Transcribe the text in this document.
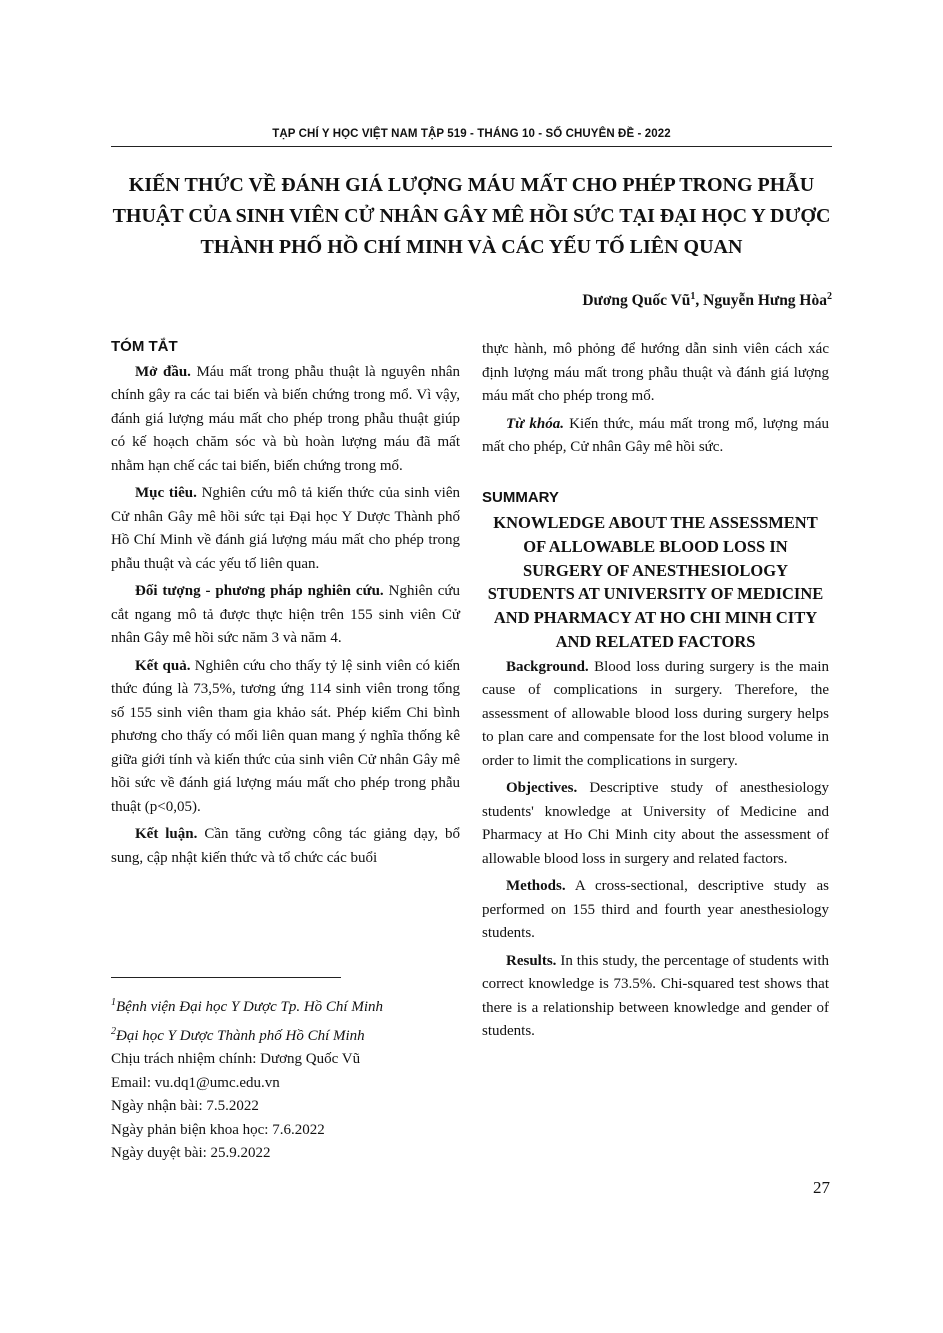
TẠP CHÍ Y HỌC VIỆT NAM TẬP 519 - THÁNG 10 - SỐ CHUYÊN ĐỀ - 2022
KIẾN THỨC VỀ ĐÁNH GIÁ LƯỢNG MÁU MẤT CHO PHÉP TRONG PHẪU THUẬT CỦA SINH VIÊN CỬ NHÂN GÂY MÊ HỒI SỨC TẠI ĐẠI HỌC Y DƯỢC THÀNH PHỐ HỒ CHÍ MINH VÀ CÁC YẾU TỐ LIÊN QUAN
Dương Quốc $Vũ^1$, Nguyễn Hưng Hòa$^2$

TÓM TẮT

Mở đầu. Máu mất trong phẫu thuật là nguyên nhân chính gây ra các tai biến và biến chứng trong mổ. Vì vậy, đánh giá lượng máu mất cho phép trong phẫu thuật giúp có kế hoạch chăm sóc và bù hoàn lượng máu đã mất nhằm hạn chế các tai biến, biến chứng trong mổ.

Mục tiêu. Nghiên cứu mô tả kiến thức của sinh viên Cử nhân Gây mê hồi sức tại Đại học Y Dược Thành phố Hồ Chí Minh về đánh giá lượng máu mất cho phép trong phẫu thuật và các yếu tố liên quan.

Đối tượng - phương pháp nghiên cứu. Nghiên cứu cắt ngang mô tả được thực hiện trên 155 sinh viên Cử nhân Gây mê hồi sức năm 3 và năm 4.

Kết quả. Nghiên cứu cho thấy tỷ lệ sinh viên có kiến thức đúng là 73,5%, tương ứng 114 sinh viên trong tổng số 155 sinh viên tham gia khảo sát. Phép kiểm Chi bình phương cho thấy có mối liên quan mang ý nghĩa thống kê giữa giới tính và kiến thức của sinh viên Cử nhân Gây mê hồi sức về đánh giá lượng máu mất cho phép trong phẫu thuật (p<0,05).

Kết luận. Cần tăng cường công tác giảng dạy, bổ sung, cập nhật kiến thức và tổ chức các buổi

$^1$Bệnh viện Đại học Y Dược Tp. Hồ Chí Minh
$^2$Đại học Y Dược Thành phố Hồ Chí Minh
Chịu trách nhiệm chính: Dương Quốc Vũ
Email: vu.dq1@umc.edu.vn
Ngày nhận bài: 7.5.2022
Ngày phản biện khoa học: 7.6.2022
Ngày duyệt bài: 25.9.2022

thực hành, mô phỏng để hướng dẫn sinh viên cách xác định lượng máu mất trong phẫu thuật và đánh giá lượng máu mất cho phép trong mổ.

Từ khóa. Kiến thức, máu mất trong mổ, lượng máu mất cho phép, Cử nhân Gây mê hồi sức.

SUMMARY

KNOWLEDGE ABOUT THE ASSESSMENT OF ALLOWABLE BLOOD LOSS IN SURGERY OF ANESTHESIOLOGY STUDENTS AT UNIVERSITY OF MEDICINE AND PHARMACY AT HO CHI MINH CITY AND RELATED FACTORS

Background. Blood loss during surgery is the main cause of complications in surgery. Therefore, the assessment of allowable blood loss during surgery helps to plan care and compensate for the lost blood volume in order to limit the complications in surgery.

Objectives. Descriptive study of anesthesiology students' knowledge at University of Medicine and Pharmacy at Ho Chi Minh city about the assessment of allowable blood loss in surgery and related factors.

Methods. A cross-sectional, descriptive study as performed on 155 third and fourth year anesthesiology students.

Results. In this study, the percentage of students with correct knowledge is 73.5%. Chi-squared test shows that there is a relationship between knowledge and gender of students.

27
